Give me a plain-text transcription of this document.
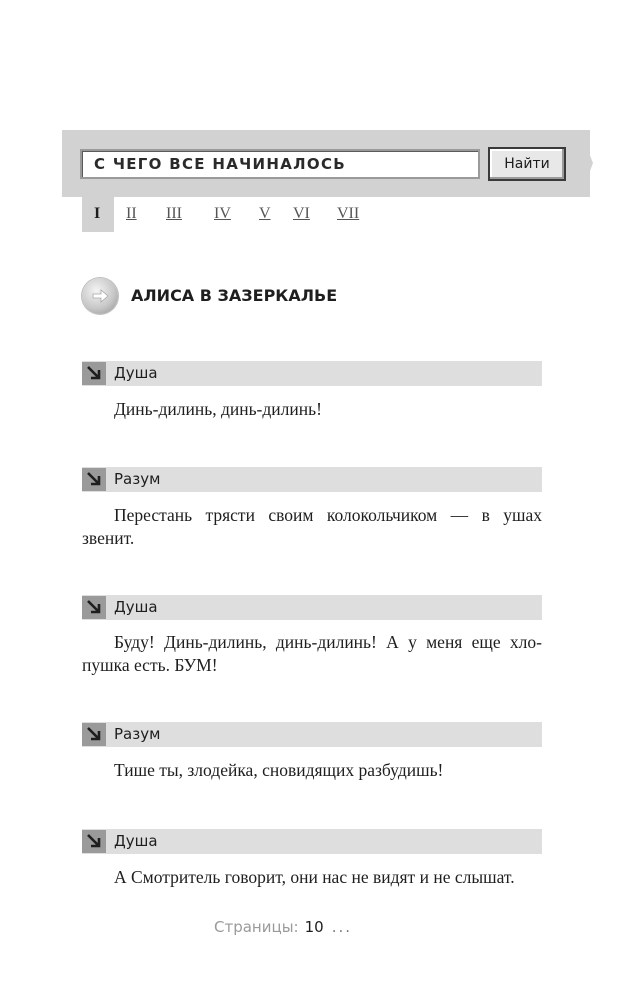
С ЧЕГО ВСЕ НАЧИНАЛОСЬ	Найти
I II III IV V VI VII
АЛИСА В ЗАЗЕРКАЛЬЕ
Душа
Динь-дилинь, динь-дилинь!
Разум
Перестань трясти своим колокольчиком — в ушах звенит.
Душа
Буду! Динь-дилинь, динь-дилинь! А у меня еще хло-пушка есть. БУМ!
Разум
Тише ты, злодейка, сновидящих разбудишь!
Душа
А Смотритель говорит, они нас не видят и не слышат.
Страницы: 10 ...
